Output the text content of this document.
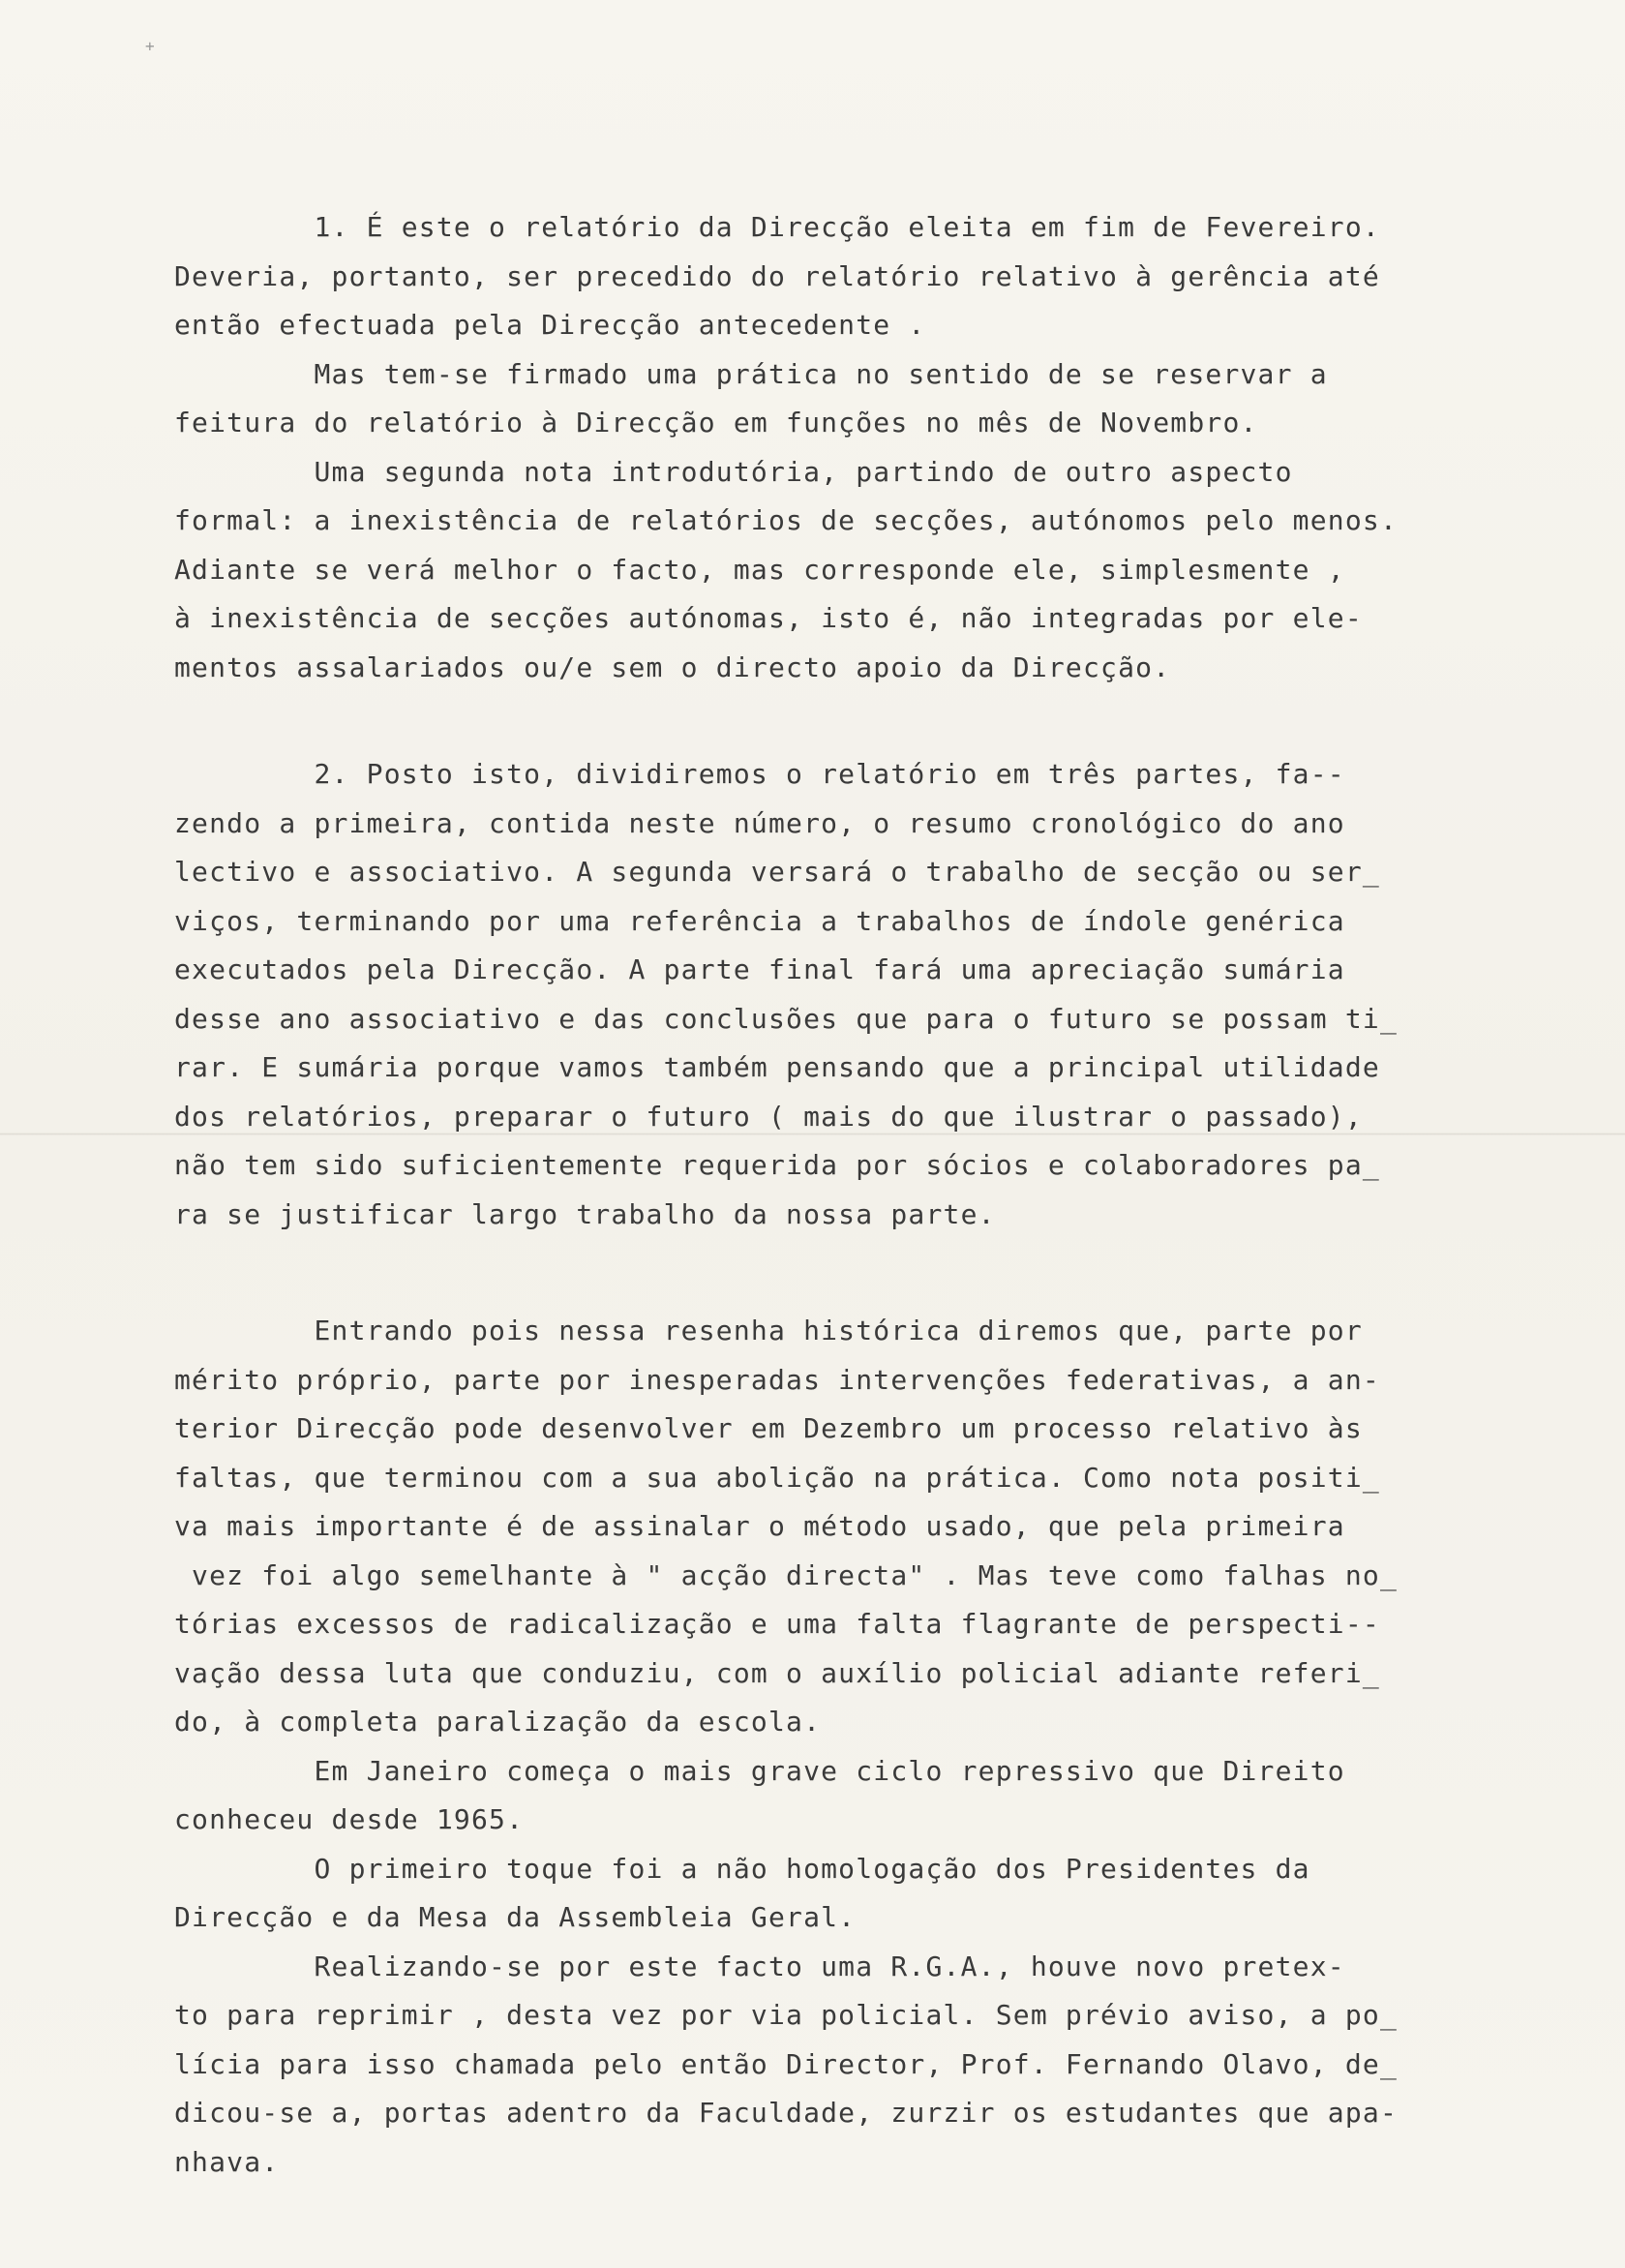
+

1. É este o relatório da Direcção eleita em fim de Fevereiro.

Deveria, portanto, ser precedido do relatório relativo à gerência até

então efectuada pela Direcção antecedente .

Mas tem-se firmado uma prática no sentido de se reservar a

feitura do relatório à Direcção em funções no mês de Novembro.

Uma segunda nota introdutória, partindo de outro aspecto

formal: a inexistência de relatórios de secções, autónomos pelo menos.

Adiante se verá melhor o facto, mas corresponde ele, simplesmente ,

à inexistência de secções autónomas, isto é, não integradas por ele-

mentos assalariados ou/e sem o directo apoio da Direcção.

2. Posto isto, dividiremos o relatório em três partes, fa--

zendo a primeira, contida neste número, o resumo cronológico do ano

lectivo e associativo. A segunda versará o trabalho de secção ou ser_

viços, terminando por uma referência a trabalhos de índole genérica

executados pela Direcção. A parte final fará uma apreciação sumária

desse ano associativo e das conclusões que para o futuro se possam ti_

rar. E sumária porque vamos também pensando que a principal utilidade

dos relatórios, preparar o futuro ( mais do que ilustrar o passado),

não tem sido suficientemente requerida por sócios e colaboradores pa_

ra se justificar largo trabalho da nossa parte.

Entrando pois nessa resenha histórica diremos que, parte por

mérito próprio, parte por inesperadas intervenções federativas, a an-

terior Direcção pode desenvolver em Dezembro um processo relativo às

faltas, que terminou com a sua abolição na prática. Como nota positi_

va mais importante é de assinalar o método usado, que pela primeira

vez foi algo semelhante à " acção directa" . Mas teve como falhas no_

tórias excessos de radicalização e uma falta flagrante de perspecti--

vação dessa luta que conduziu, com o auxílio policial adiante referi_

do, à completa paralização da escola.

Em Janeiro começa o mais grave ciclo repressivo que Direito

conheceu desde 1965.

O primeiro toque foi a não homologação dos Presidentes da

Direcção e da Mesa da Assembleia Geral.

Realizando-se por este facto uma R.G.A., houve novo pretex-

to para reprimir , desta vez por via policial. Sem prévio aviso, a po_

lícia para isso chamada pelo então Director, Prof. Fernando Olavo, de_

dicou-se a, portas adentro da Faculdade, zurzir os estudantes que apa-

nhava.
